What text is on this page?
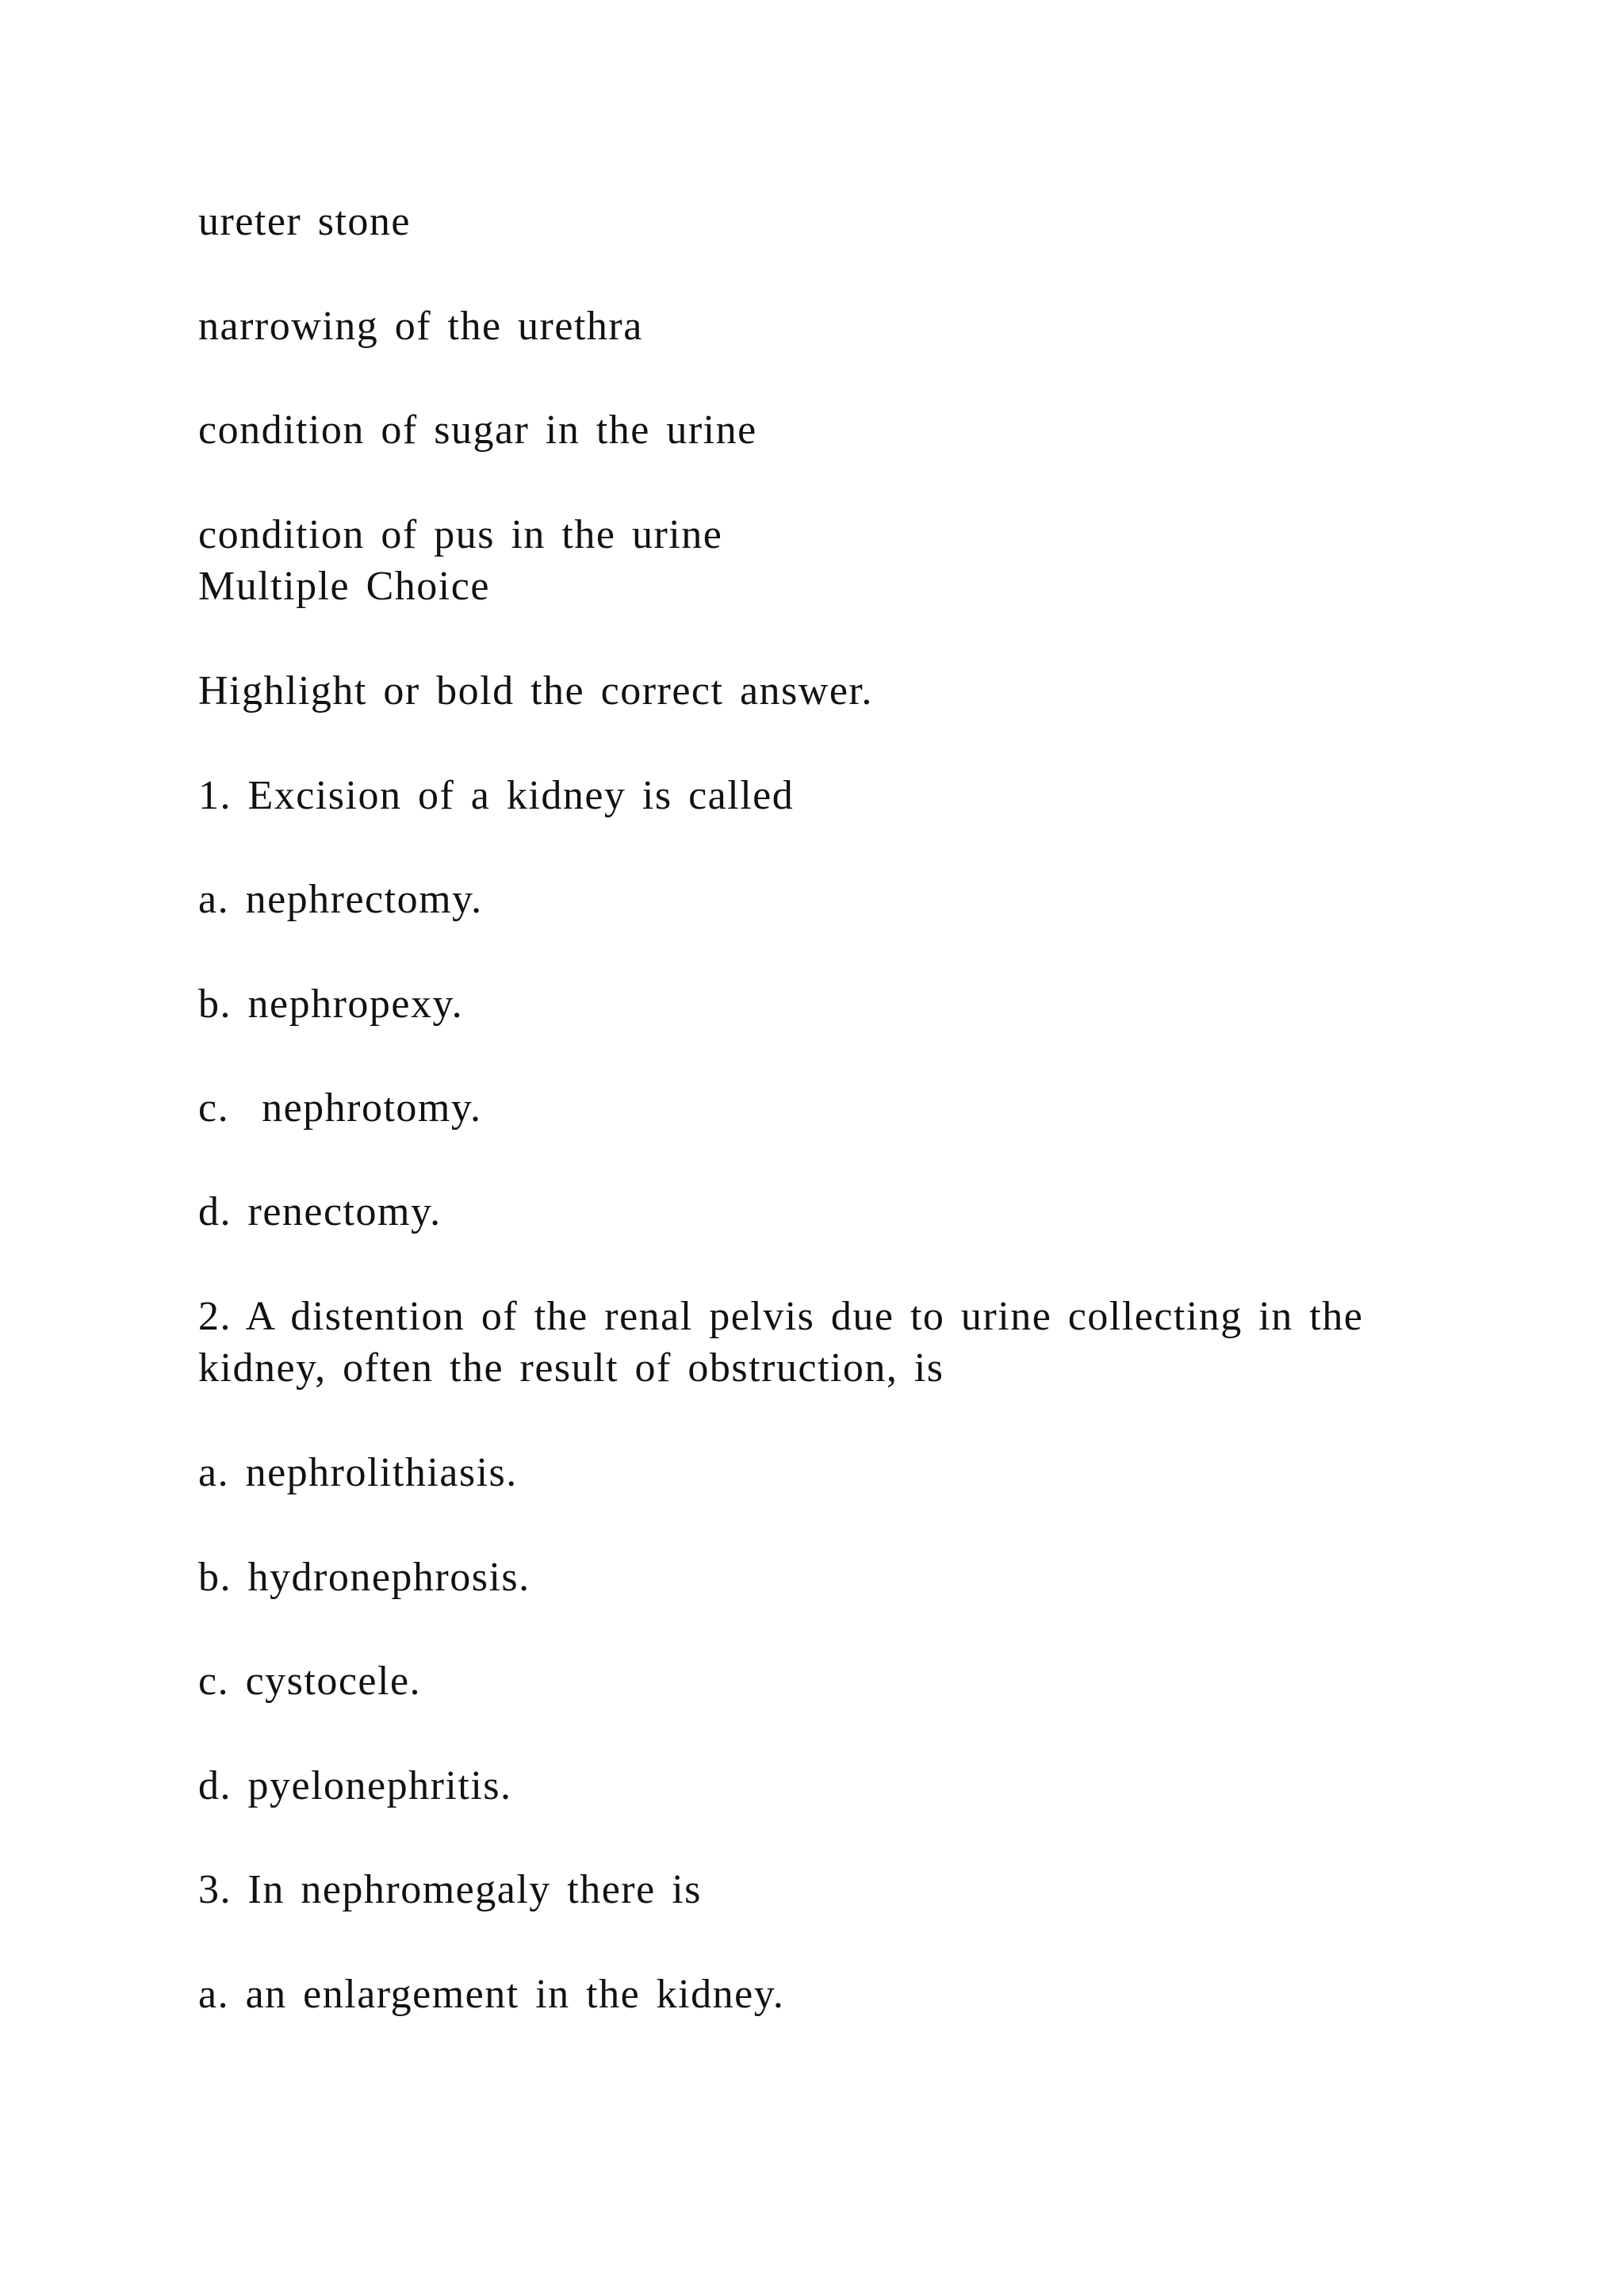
ureter stone

narrowing of the urethra

condition of sugar in the urine

condition of pus in the urine

Multiple Choice

Highlight or bold the correct answer.

1. Excision of a kidney is called

a. nephrectomy.

b. nephropexy.

c.  nephrotomy.

d. renectomy.

2. A distention of the renal pelvis due to urine collecting in the

kidney, often the result of obstruction, is

a. nephrolithiasis.

b. hydronephrosis.

c. cystocele.

d. pyelonephritis.

3. In nephromegaly there is

a. an enlargement in the kidney.
